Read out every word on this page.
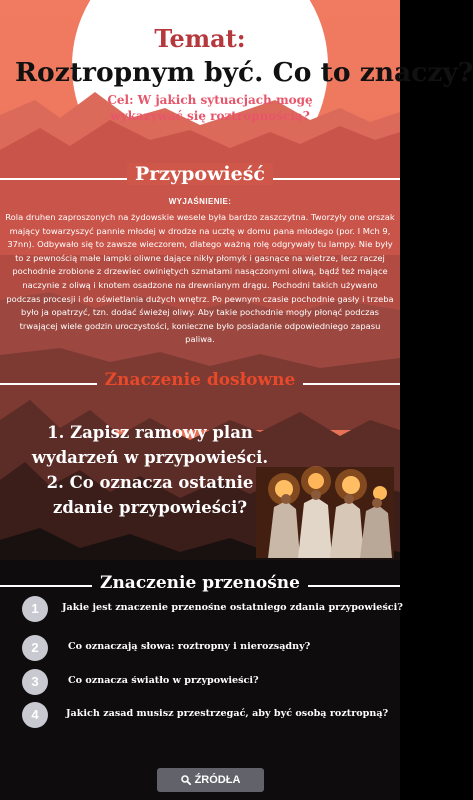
Temat:
Roztropnym być. Co to znaczy?
Cel: W jakich sytuacjach mogę wykazywać się roztropnością?
Przypowieść
WYJAŚNIENIE:
Rola druhen zaproszonych na żydowskie wesele była bardzo zaszczytna. Tworzyły one orszak mający towarzyszyć pannie młodej w drodze na ucztę w domu pana młodego (por. I Mch 9, 37nn). Odbywało się to zawsze wieczorem, dlatego ważną rolę odgrywały tu lampy. Nie były to z pewnością małe lampki oliwne dające nikły płomyk i gasnące na wietrze, lecz raczej pochodnie zrobione z drzewiec owiniętych szmatami nasączonymi oliwą, bądź też mające naczynie z oliwą i knotem osadzone na drewnianym drągu. Pochodni takich używano podczas procesji i do oświetlania dużych wnętrz. Po pewnym czasie pochodnie gasły i trzeba było ja opatrzyć, tzn. dodać świeżej oliwy. Aby takie pochodnie mogły płonąć podczas trwającej wiele godzin uroczystości, konieczne było posiadanie odpowiedniego zapasu paliwa.
Znaczenie dosłowne
1. Zapisz ramowy plan wydarzeń w przypowieści.
2. Co oznacza ostatnie zdanie przypowieści?
Znaczenie przenośne
1	Jakie jest znaczenie przenośne ostatniego zdania przypowieści?
2	Co oznaczają słowa: roztropny i nierozsądny?
3	Co oznacza światło w przypowieści?
4	Jakich zasad musisz przestrzegać, aby być osobą roztropną?
ŹRÓDŁA
